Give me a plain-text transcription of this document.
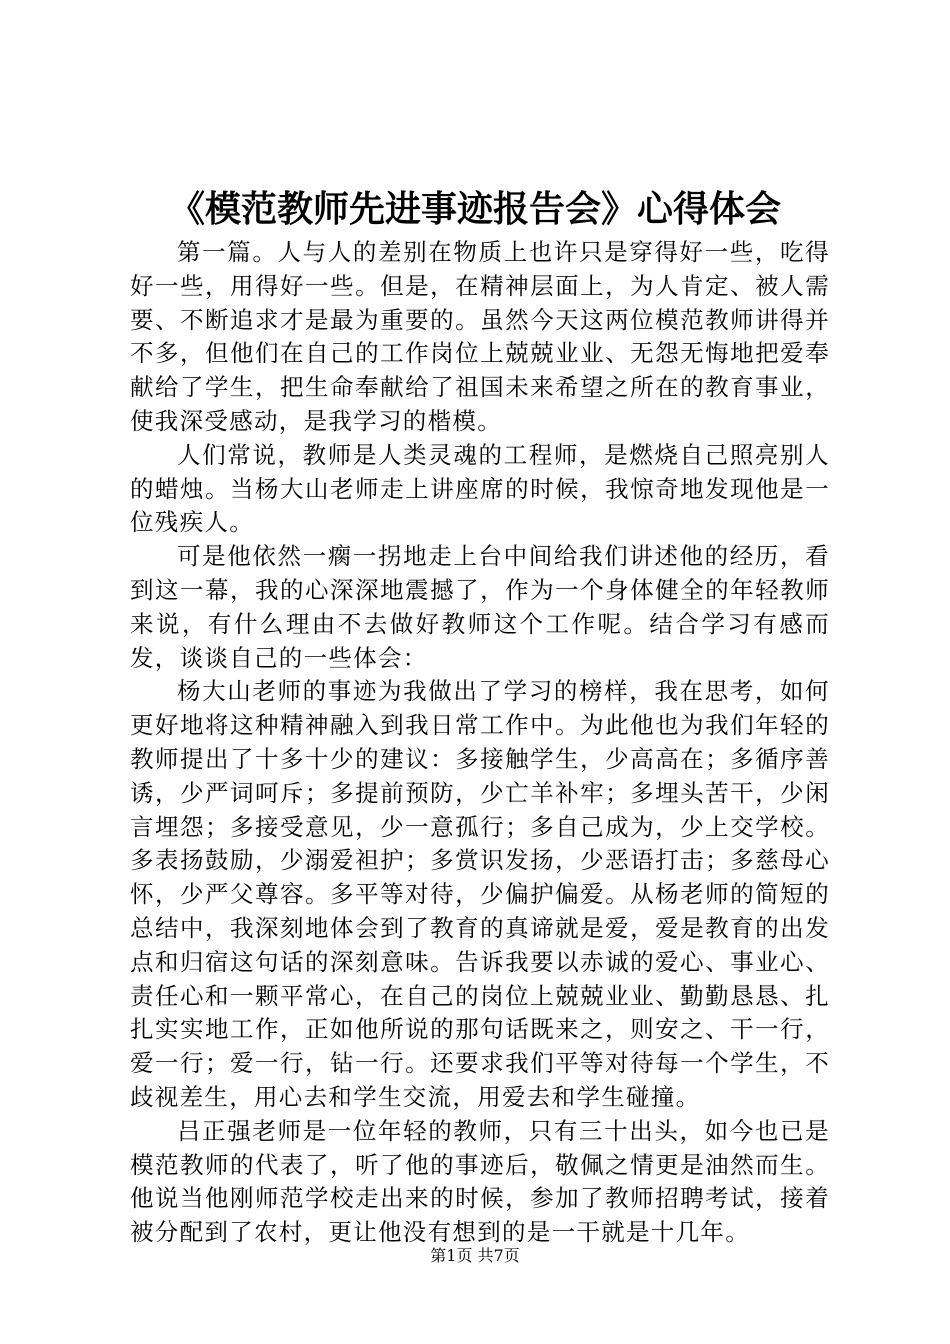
《模范教师先进事迹报告会》心得体会

第一篇。人与人的差别在物质上也许只是穿得好一些，吃得好一些，用得好一些。但是，在精神层面上，为人肯定、被人需要、不断追求才是最为重要的。虽然今天这两位模范教师讲得并不多，但他们在自己的工作岗位上兢兢业业、无怨无悔地把爱奉献给了学生，把生命奉献给了祖国未来希望之所在的教育事业，使我深受感动，是我学习的楷模。

人们常说，教师是人类灵魂的工程师，是燃烧自己照亮别人的蜡烛。当杨大山老师走上讲座席的时候，我惊奇地发现他是一位残疾人。

可是他依然一瘸一拐地走上台中间给我们讲述他的经历，看到这一幕，我的心深深地震撼了，作为一个身体健全的年轻教师来说，有什么理由不去做好教师这个工作呢。结合学习有感而发，谈谈自己的一些体会：

杨大山老师的事迹为我做出了学习的榜样，我在思考，如何更好地将这种精神融入到我日常工作中。为此他也为我们年轻的教师提出了十多十少的建议：多接触学生，少高高在；多循序善诱，少严词呵斥；多提前预防，少亡羊补牢；多埋头苦干，少闲言埋怨；多接受意见，少一意孤行；多自己成为，少上交学校。多表扬鼓励，少溺爱袒护；多赏识发扬，少恶语打击；多慈母心怀，少严父尊容。多平等对待，少偏护偏爱。从杨老师的简短的总结中，我深刻地体会到了教育的真谛就是爱，爱是教育的出发点和归宿这句话的深刻意味。告诉我要以赤诚的爱心、事业心、责任心和一颗平常心，在自己的岗位上兢兢业业、勤勤恳恳、扎扎实实地工作，正如他所说的那句话既来之，则安之、干一行，爱一行；爱一行，钻一行。还要求我们平等对待每一个学生，不歧视差生，用心去和学生交流，用爱去和学生碰撞。

吕正强老师是一位年轻的教师，只有三十出头，如今也已是模范教师的代表了，听了他的事迹后，敬佩之情更是油然而生。他说当他刚师范学校走出来的时候，参加了教师招聘考试，接着被分配到了农村，更让他没有想到的是一干就是十几年。

第1页 共7页
